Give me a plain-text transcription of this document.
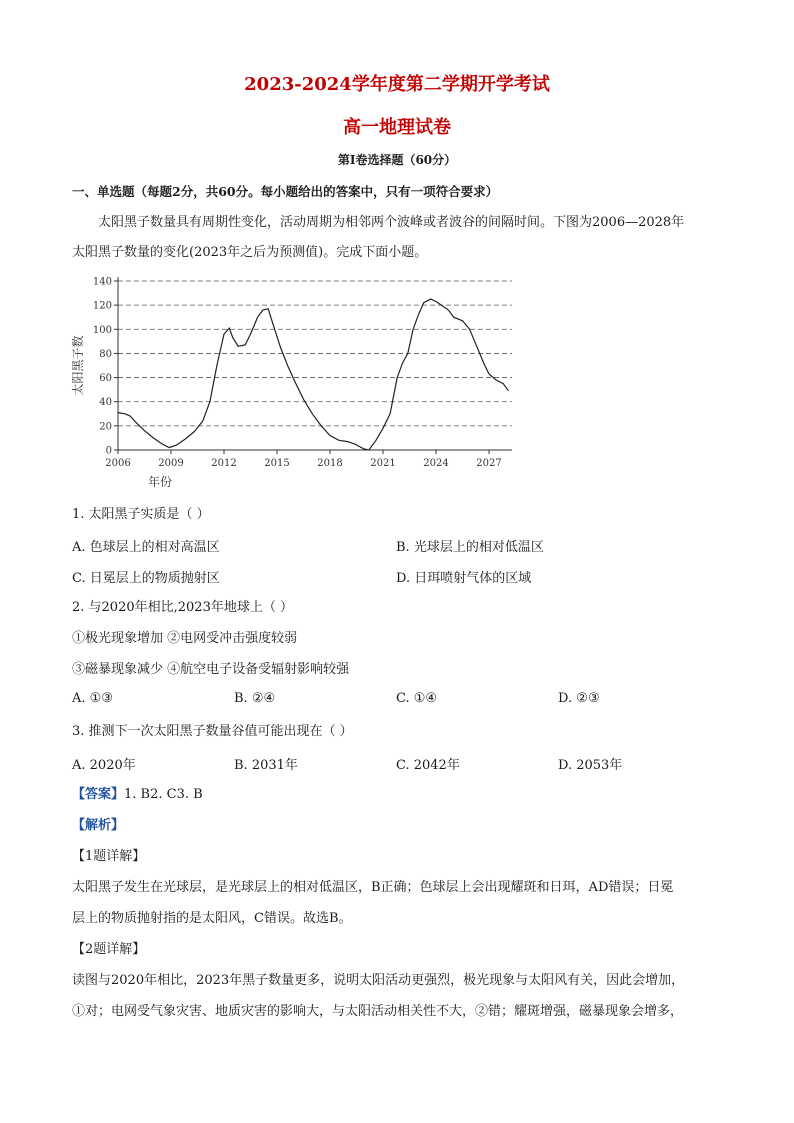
2023-2024学年度第二学期开学考试
高一地理试卷
第Ⅰ卷选择题（60分）
一、单选题（每题2分，共60分。每小题给出的答案中，只有一项符合要求）
太阳黑子数量具有周期性变化，活动周期为相邻两个波峰或者波谷的间隔时间。下图为2006—2028年
太阳黑子数量的变化(2023年之后为预测值)。完成下面小题。
0
20
40
60
80
100
120
140
2006	2009	2012	2015	2018	2021	2024	2027
太阳黑子数
年份
1. 太阳黑子实质是（ ）
A. 色球层上的相对高温区	B. 光球层上的相对低温区
C. 日冕层上的物质抛射区	D. 日珥喷射气体的区域
2. 与2020年相比,2023年地球上（ ）
①极光现象增加 ②电网受冲击强度较弱
③磁暴现象减少 ④航空电子设备受辐射影响较强
A. ①③	B. ②④	C. ①④	D. ②③
3. 推测下一次太阳黑子数量谷值可能出现在（ ）
A. 2020年	B. 2031年	C. 2042年	D. 2053年
【答案】1. B2. C3. B
【解析】
【1题详解】
太阳黑子发生在光球层，是光球层上的相对低温区，B正确；色球层上会出现耀斑和日珥，AD错误；日冕
层上的物质抛射指的是太阳风，C错误。故选B。
【2题详解】
读图与2020年相比，2023年黑子数量更多，说明太阳活动更强烈，极光现象与太阳风有关，因此会增加，
①对；电网受气象灾害、地质灾害的影响大，与太阳活动相关性不大，②错；耀斑增强，磁暴现象会增多，
